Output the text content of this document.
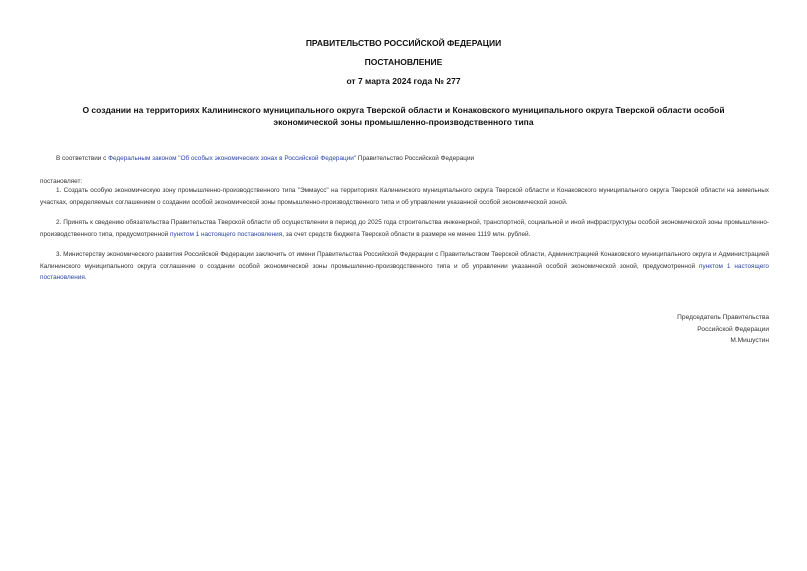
ПРАВИТЕЛЬСТВО РОССИЙСКОЙ ФЕДЕРАЦИИ
ПОСТАНОВЛЕНИЕ
от 7 марта 2024 года № 277
О создании на территориях Калининского муниципального округа Тверской области и Конаковского муниципального округа Тверской области особой экономической зоны промышленно-производственного типа
В соответствии с Федеральным законом "Об особых экономических зонах в Российской Федерации" Правительство Российской Федерации
постановляет:
1. Создать особую экономическую зону промышленно-производственного типа "Эммаусс" на территориях Калининского муниципального округа Тверской области и Конаковского муниципального округа Тверской области на земельных участках, определяемых соглашением о создании особой экономической зоны промышленно-производственного типа и об управлении указанной особой экономической зоной.
2. Принять к сведению обязательства Правительства Тверской области об осуществлении в период до 2025 года строительства инженерной, транспортной, социальной и иной инфраструктуры особой экономической зоны промышленно-производственного типа, предусмотренной пунктом 1 настоящего постановления, за счет средств бюджета Тверской области в размере не менее 1119 млн. рублей.
3. Министерству экономического развития Российской Федерации заключить от имени Правительства Российской Федерации с Правительством Тверской области, Администрацией Конаковского муниципального округа и Администрацией Калининского муниципального округа соглашение о создании особой экономической зоны промышленно-производственного типа и об управлении указанной особой экономической зоной, предусмотренной пунктом 1 настоящего постановления.
Председатель Правительства
Российской Федерации
М.Мишустин
